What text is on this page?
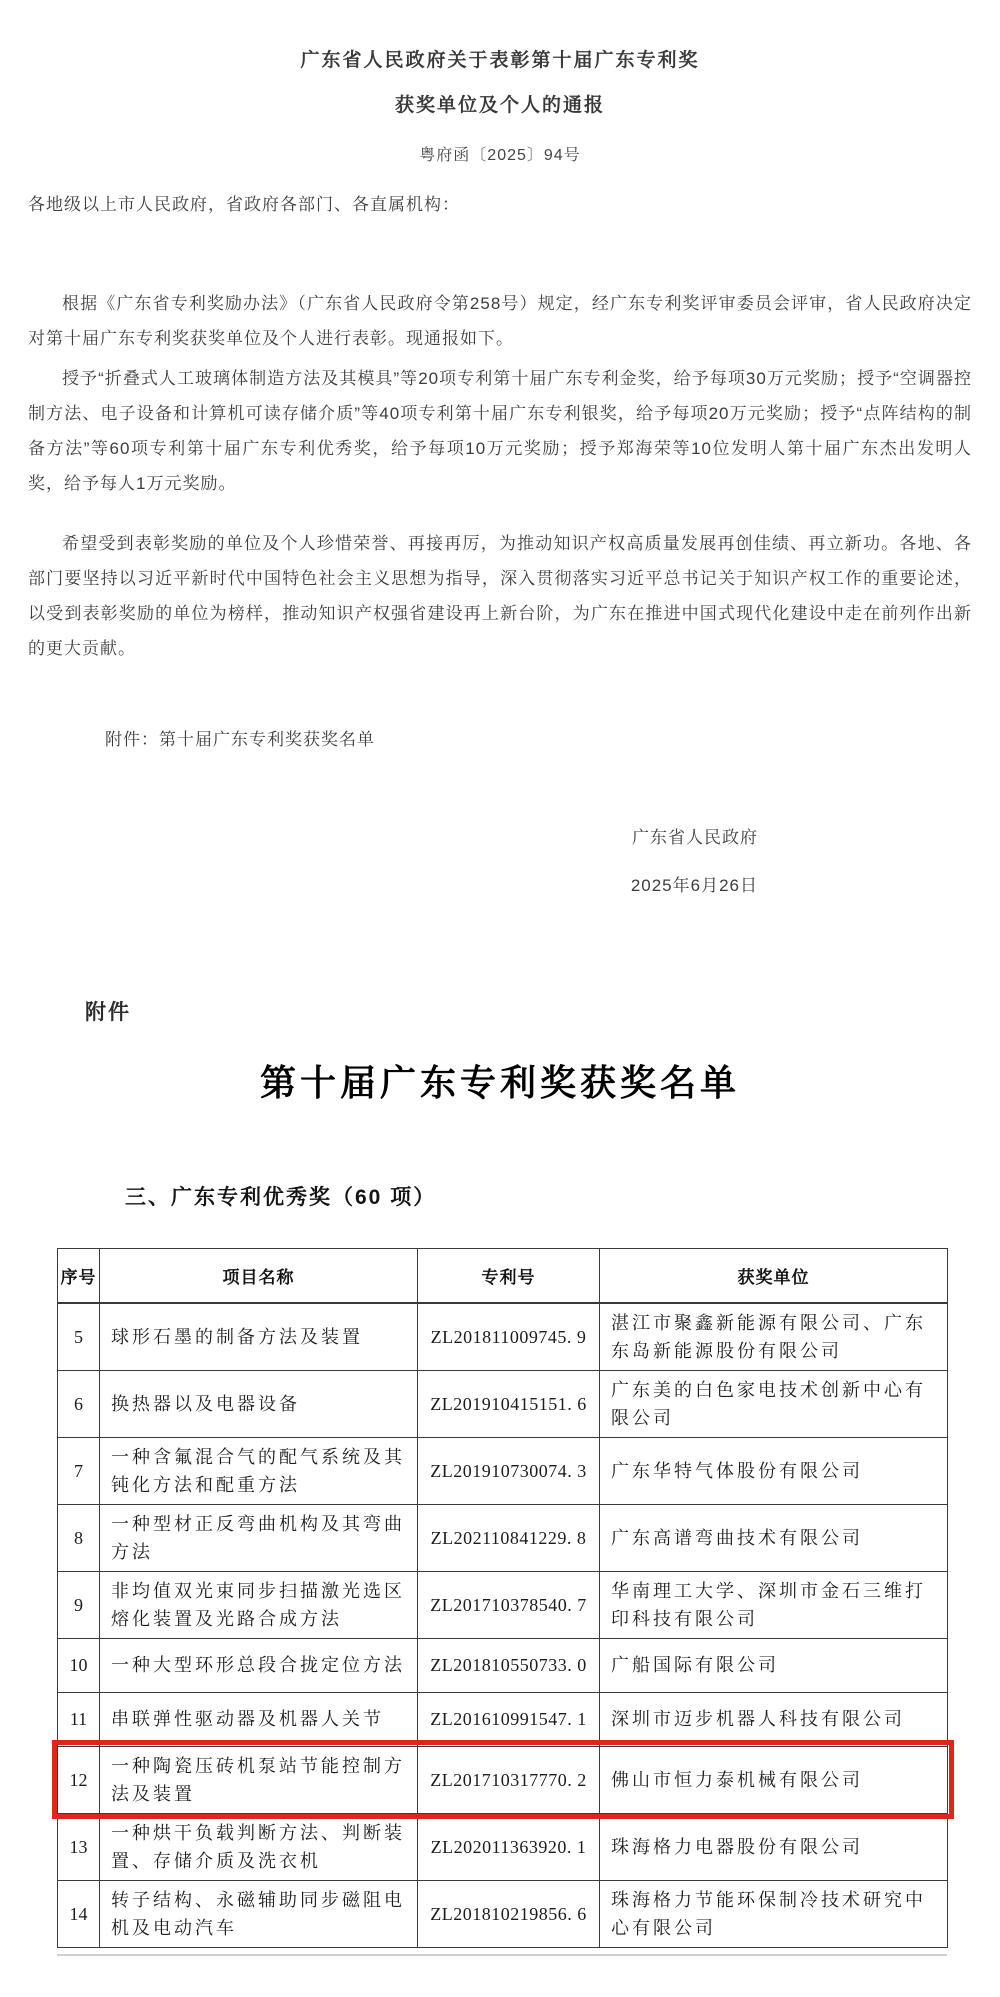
广东省人民政府关于表彰第十届广东专利奖
获奖单位及个人的通报
粤府函〔2025〕94号
各地级以上市人民政府，省政府各部门、各直属机构：

根据《广东省专利奖励办法》（广东省人民政府令第258号）规定，经广东专利奖评审委员会评审，省人民政府决定对第十届广东专利奖获奖单位及个人进行表彰。现通报如下。

授予“折叠式人工玻璃体制造方法及其模具”等20项专利第十届广东专利金奖，给予每项30万元奖励；授予“空调器控制方法、电子设备和计算机可读存储介质”等40项专利第十届广东专利银奖，给予每项20万元奖励；授予“点阵结构的制备方法”等60项专利第十届广东专利优秀奖，给予每项10万元奖励；授予郑海荣等10位发明人第十届广东杰出发明人奖，给予每人1万元奖励。

希望受到表彰奖励的单位及个人珍惜荣誉、再接再厉，为推动知识产权高质量发展再创佳绩、再立新功。各地、各部门要坚持以习近平新时代中国特色社会主义思想为指导，深入贯彻落实习近平总书记关于知识产权工作的重要论述，以受到表彰奖励的单位为榜样，推动知识产权强省建设再上新台阶，为广东在推进中国式现代化建设中走在前列作出新的更大贡献。

附件：第十届广东专利奖获奖名单
广东省人民政府
2025年6月26日
附件
第十届广东专利奖获奖名单
三、广东专利优秀奖（60 项）
序号	项目名称	专利号	获奖单位
5	球形石墨的制备方法及装置	ZL201811009745. 9	湛江市聚鑫新能源有限公司、广东东岛新能源股份有限公司
6	换热器以及电器设备	ZL201910415151. 6	广东美的白色家电技术创新中心有限公司
7	一种含氟混合气的配气系统及其钝化方法和配重方法	ZL201910730074. 3	广东华特气体股份有限公司
8	一种型材正反弯曲机构及其弯曲方法	ZL202110841229. 8	广东高谱弯曲技术有限公司
9	非均值双光束同步扫描激光选区熔化装置及光路合成方法	ZL201710378540. 7	华南理工大学、深圳市金石三维打印科技有限公司
10	一种大型环形总段合拢定位方法	ZL201810550733. 0	广船国际有限公司
11	串联弹性驱动器及机器人关节	ZL201610991547. 1	深圳市迈步机器人科技有限公司
12	一种陶瓷压砖机泵站节能控制方法及装置	ZL201710317770. 2	佛山市恒力泰机械有限公司
13	一种烘干负载判断方法、判断装置、存储介质及洗衣机	ZL202011363920. 1	珠海格力电器股份有限公司
14	转子结构、永磁辅助同步磁阻电机及电动汽车	ZL201810219856. 6	珠海格力节能环保制冷技术研究中心有限公司
